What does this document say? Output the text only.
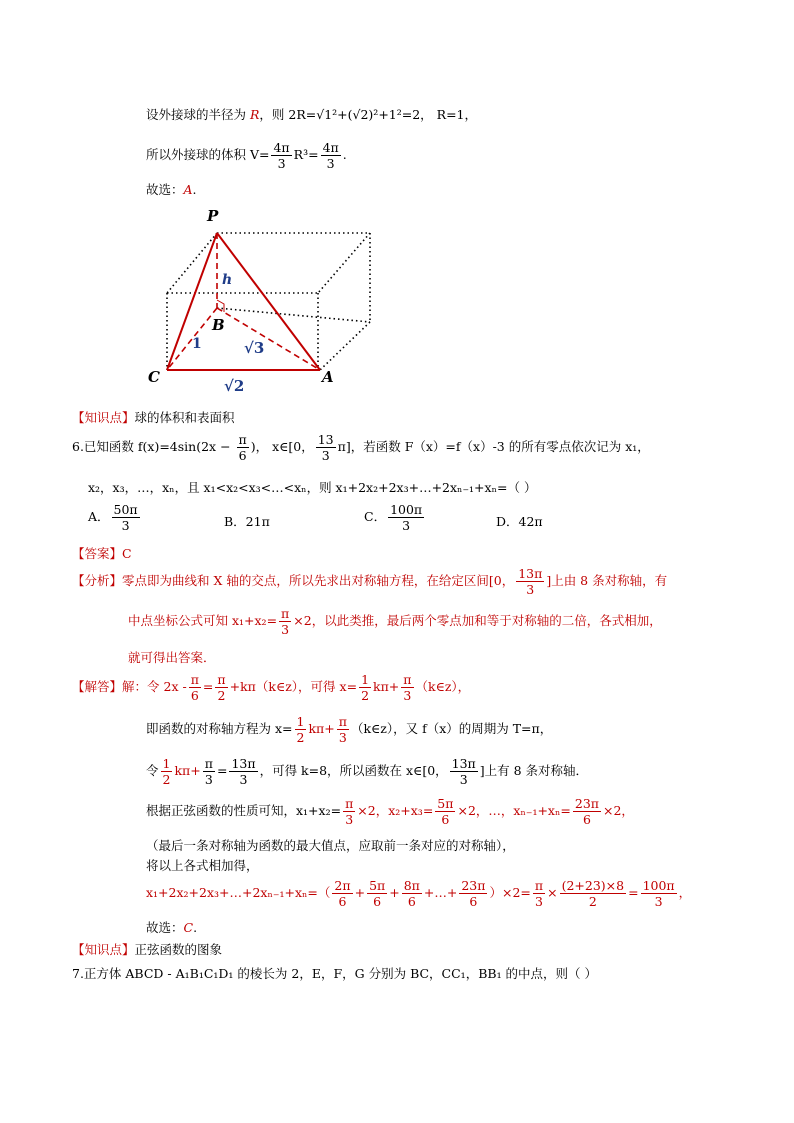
设外接球的半径为 R，则 2R=√1²+(√2)²+1²=2， R=1，
所以外接球的体积 $V= \frac{4\pi}{3} R^3= \frac{4\pi}{3}$ .
故选：A.
P
B
C	A
h
1	√3
√2
【知识点】球的体积和表面积
6.已知函数 $f(x)=4\sin(2x - \frac{\pi}{6}$ )， x∈[0， $\frac{13}{3} \pi$]，若函数 F（x）=f（x）-3 的所有零点依次记为 x₁，
x₂，x₃，…，xₙ，且 x₁<x₂<x₃<…<xₙ，则 x₁+2x₂+2x₃+…+2xₙ₋₁+xₙ=（ ）
A． $\frac{50\pi}{3}$	B．21π	C． $\frac{100\pi}{3}$	D．42π
【答案】C
【分析】零点即为曲线和 X 轴的交点，所以先求出对称轴方程，在给定区间[0， $\frac{13\pi}{3}$ ]上由 8 条对称轴，有
中点坐标公式可知 $x_1+x_2= \frac{\pi}{3} \times 2$，以此类推，最后两个零点加和等于对称轴的二倍，各式相加，
就可得出答案．
【解答】解：令 $2x - \frac{\pi}{6} = \frac{\pi}{2}$ +kπ（k∈z），可得 $x= \frac{1}{2} k\pi+ \frac{\pi}{3}$ （k∈z），
即函数的对称轴方程为 $x= \frac{1}{2} k\pi+ \frac{\pi}{3}$ （k∈z），又 f（x）的周期为 T=π，
令 $\frac{1}{2} k\pi+ \frac{\pi}{3} = \frac{13\pi}{3}$ ，可得 k=8，所以函数在 x∈[0， $\frac{13\pi}{3}$ ]上有 8 条对称轴．
根据正弦函数的性质可知，$x_1+x_2= \frac{\pi}{3} \times 2$，$x_2+x_3= \frac{5\pi}{6} \times 2$，…，$x_{n-1}+x_n= \frac{23\pi}{6} \times 2$，
（最后一条对称轴为函数的最大值点，应取前一条对应的对称轴），
将以上各式相加得，
x₁+2x₂+2x₃+…+2xₙ₋₁+xₙ=（ $\frac{2\pi}{6} + \frac{5\pi}{6} + \frac{8\pi}{6}$ +…+ $\frac{23\pi}{6} )\times 2= \frac{\pi}{3} \times \frac{(2+23)\times 8}{2} = \frac{100\pi}{3}$ ，
故选：C.
【知识点】正弦函数的图象
7.正方体 ABCD - A₁B₁C₁D₁ 的棱长为 2，E，F，G 分别为 BC，CC₁，BB₁ 的中点，则（ ）
